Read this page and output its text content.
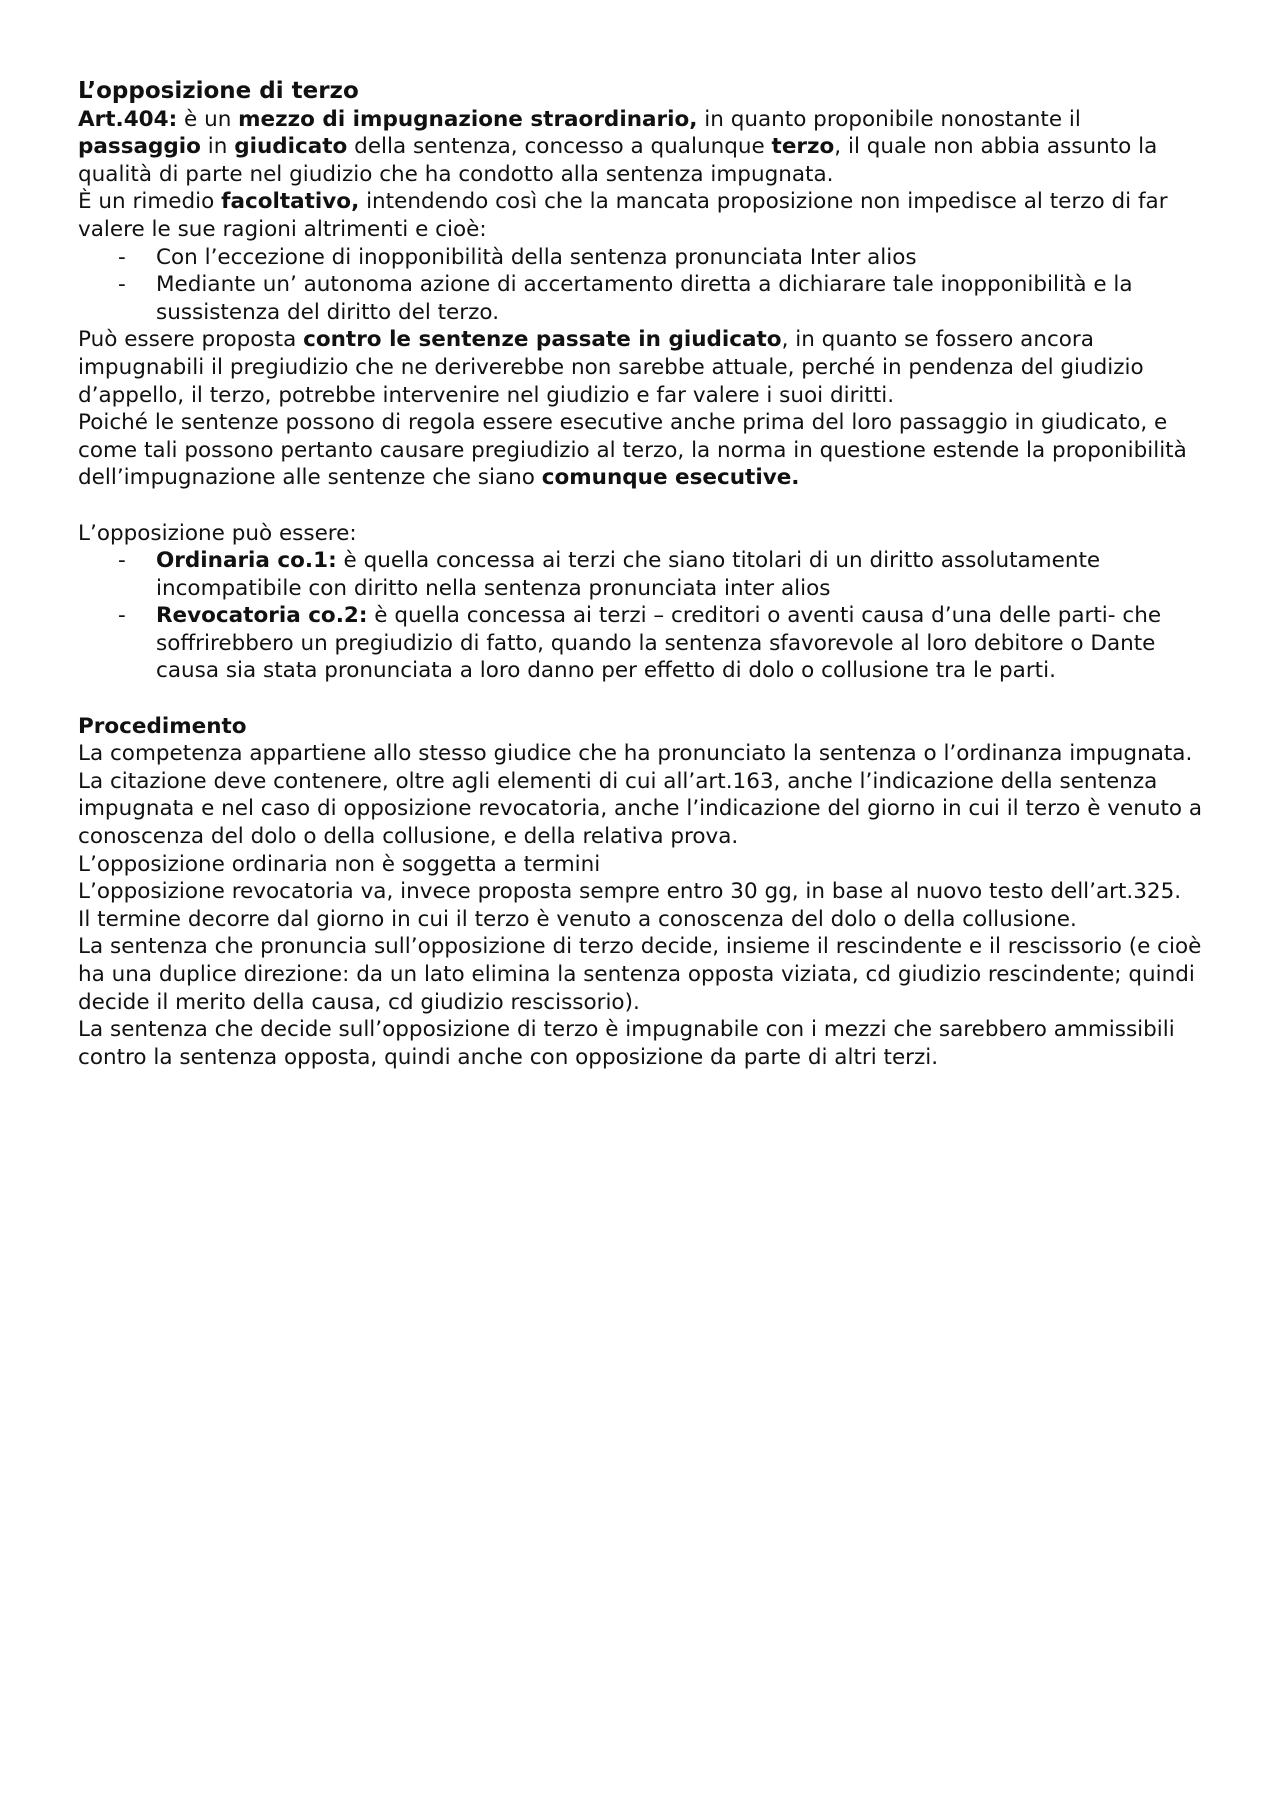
L’opposizione di terzo

Art.404: è un mezzo di impugnazione straordinario, in quanto proponibile nonostante il passaggio in giudicato della sentenza, concesso a qualunque terzo, il quale non abbia assunto la qualità di parte nel giudizio che ha condotto alla sentenza impugnata.

È un rimedio facoltativo, intendendo così che la mancata proposizione non impedisce al terzo di far valere le sue ragioni altrimenti e cioè:

- Con l’eccezione di inopponibilità della sentenza pronunciata Inter alios
- Mediante un’ autonoma azione di accertamento diretta a dichiarare tale inopponibilità e la sussistenza del diritto del terzo.

Può essere proposta contro le sentenze passate in giudicato, in quanto se fossero ancora impugnabili il pregiudizio che ne deriverebbe non sarebbe attuale, perché in pendenza del giudizio d’appello, il terzo, potrebbe intervenire nel giudizio e far valere i suoi diritti.

Poiché le sentenze possono di regola essere esecutive anche prima del loro passaggio in giudicato, e come tali possono pertanto causare pregiudizio al terzo, la norma in questione estende la proponibilità dell’impugnazione alle sentenze che siano comunque esecutive.

L’opposizione può essere:

- Ordinaria co.1: è quella concessa ai terzi che siano titolari di un diritto assolutamente incompatibile con diritto nella sentenza pronunciata inter alios
- Revocatoria co.2: è quella concessa ai terzi – creditori o aventi causa d’una delle parti- che soffrirebbero un pregiudizio di fatto, quando la sentenza sfavorevole al loro debitore o Dante causa sia stata pronunciata a loro danno per effetto di dolo o collusione tra le parti.

Procedimento

La competenza appartiene allo stesso giudice che ha pronunciato la sentenza o l’ordinanza impugnata.

La citazione deve contenere, oltre agli elementi di cui all’art.163, anche l’indicazione della sentenza impugnata e nel caso di opposizione revocatoria, anche l’indicazione del giorno in cui il terzo è venuto a conoscenza del dolo o della collusione, e della relativa prova.

L’opposizione ordinaria non è soggetta a termini

L’opposizione revocatoria va, invece proposta sempre entro 30 gg, in base al nuovo testo dell’art.325.

Il termine decorre dal giorno in cui il terzo è venuto a conoscenza del dolo o della collusione.

La sentenza che pronuncia sull’opposizione di terzo decide, insieme il rescindente e il rescissorio (e cioè ha una duplice direzione: da un lato elimina la sentenza opposta viziata, cd giudizio rescindente; quindi decide il merito della causa, cd giudizio rescissorio).

La sentenza che decide sull’opposizione di terzo è impugnabile con i mezzi che sarebbero ammissibili contro la sentenza opposta, quindi anche con opposizione da parte di altri terzi.
